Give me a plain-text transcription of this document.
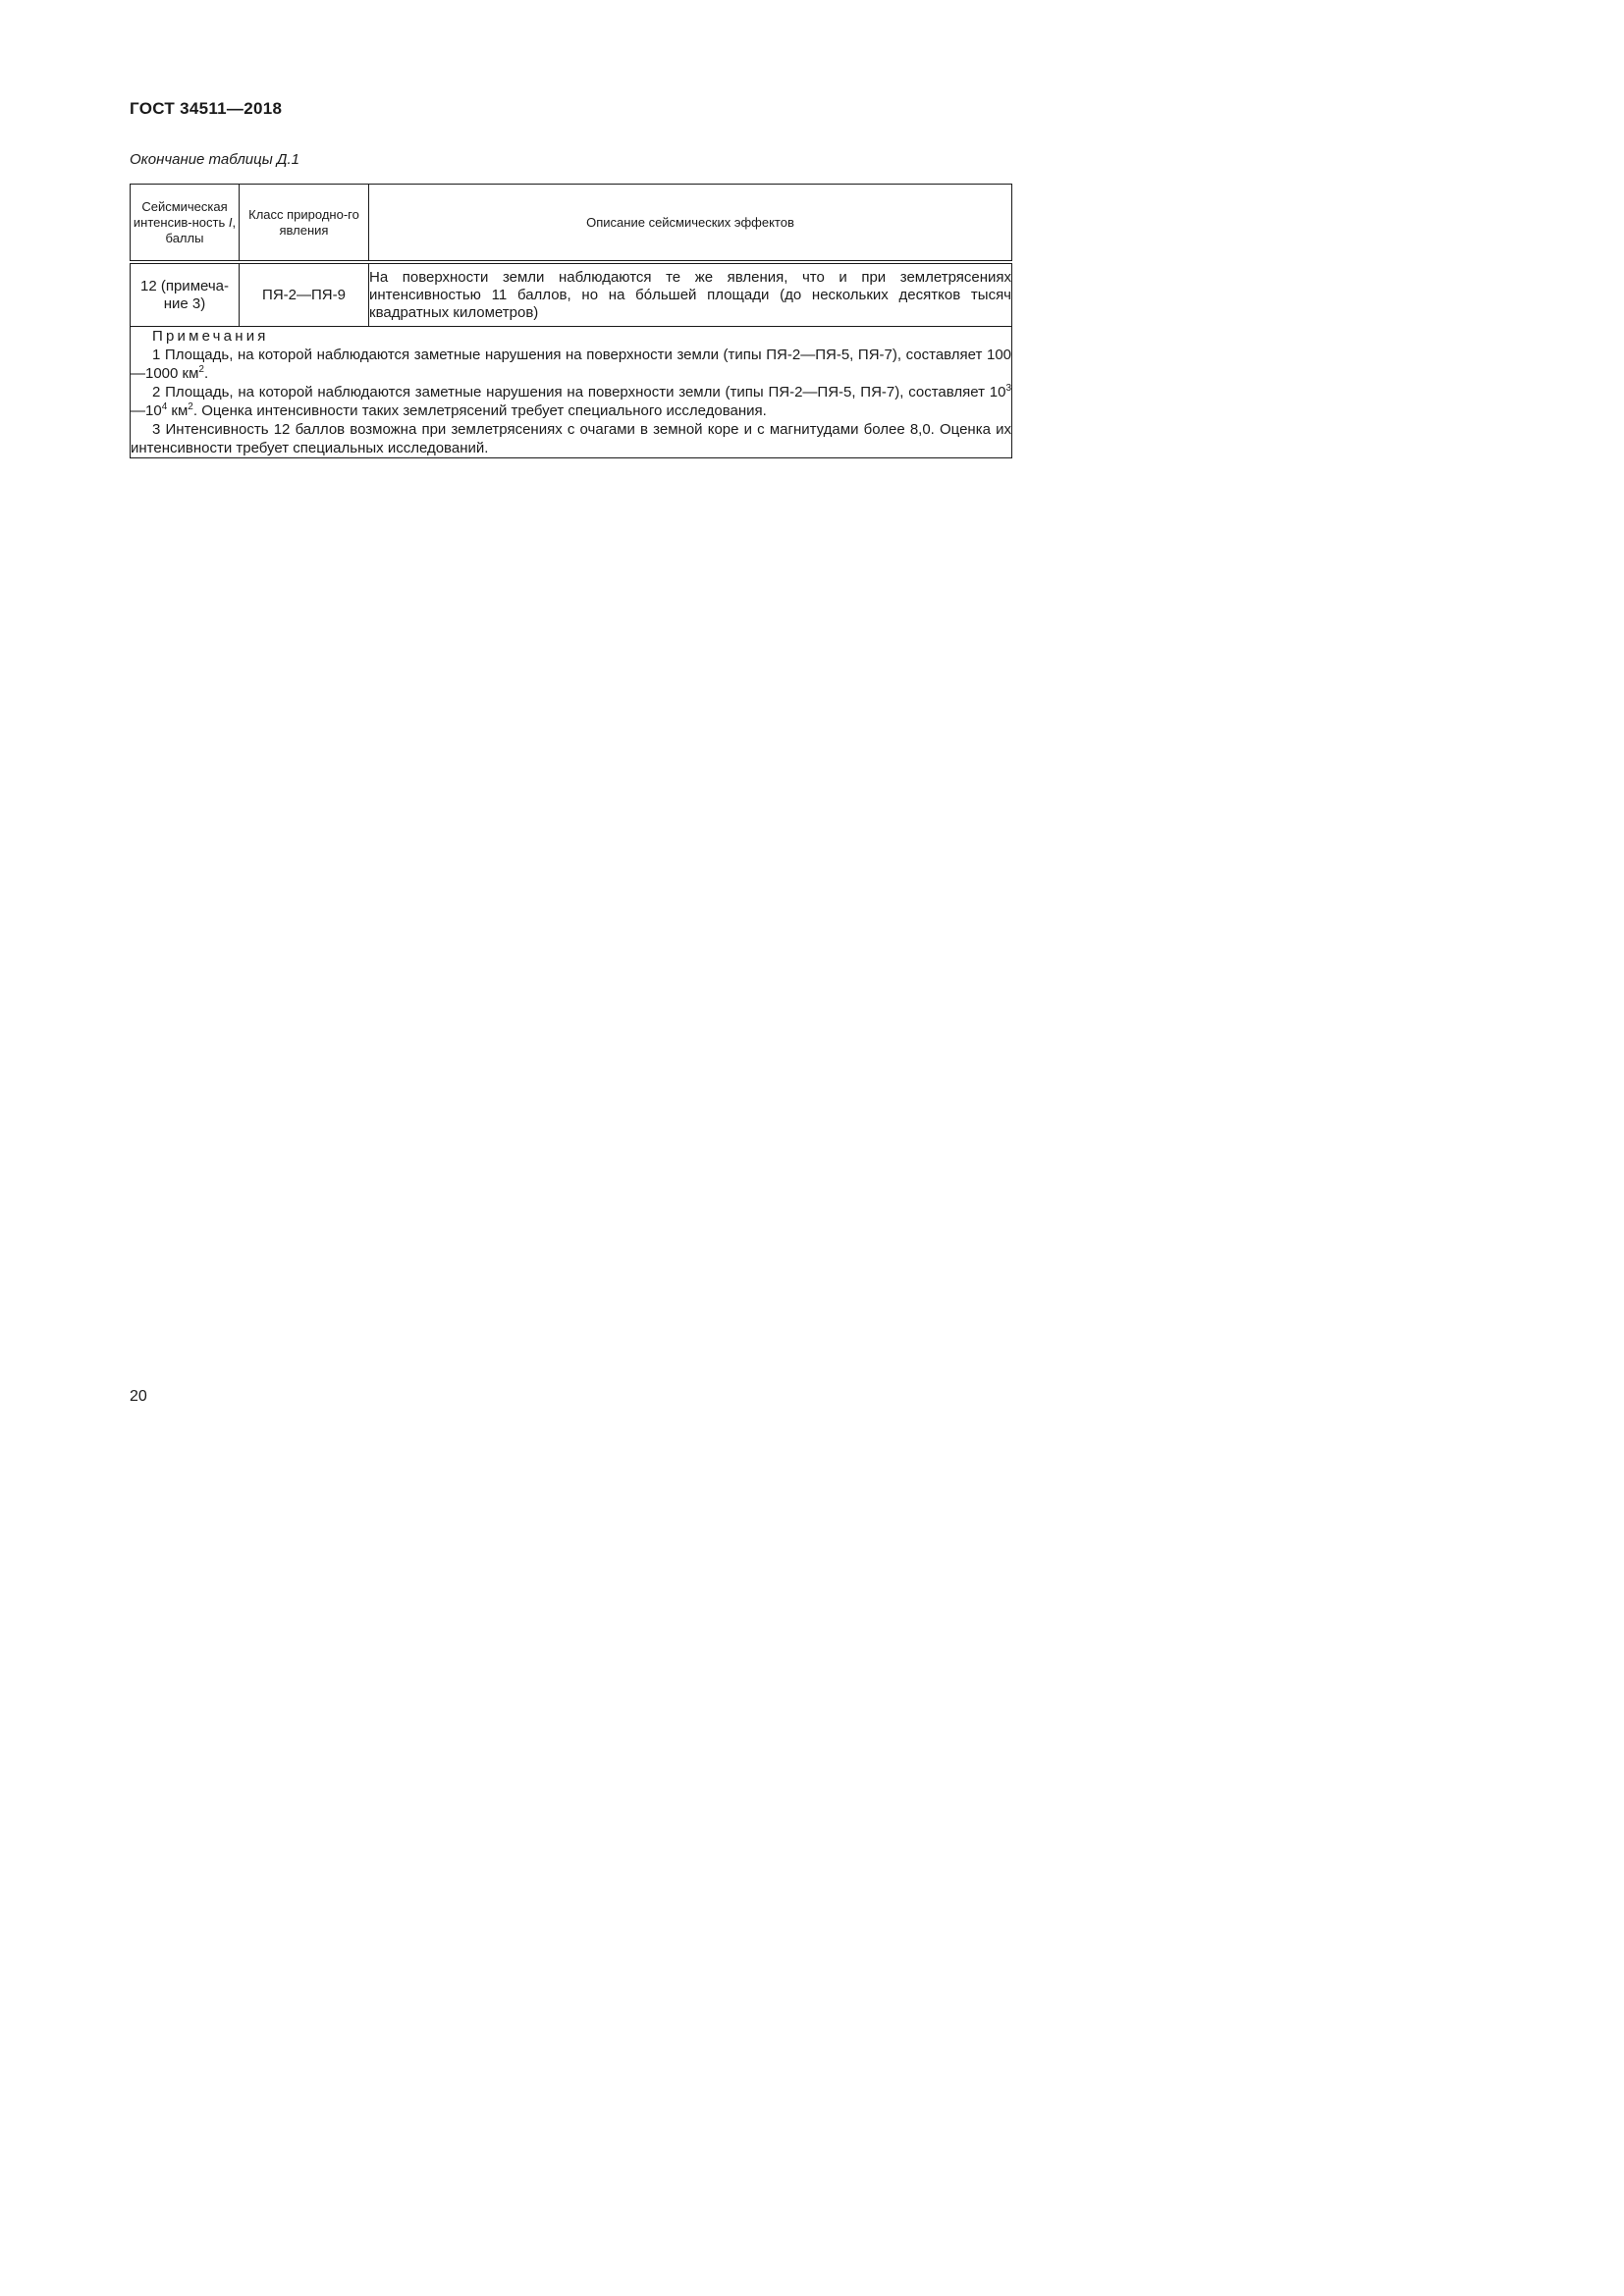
ГОСТ 34511—2018
Окончание таблицы Д.1
Сейсмическая интенсив-ность I, баллы	Класс природно-го явления	Описание сейсмических эффектов
12 (примеча-ние 3)	ПЯ-2—ПЯ-9	На поверхности земли наблюдаются те же явления, что и при землетрясениях интенсивностью 11 баллов, но на бóльшей площади (до нескольких десятков тысяч квадратных километров)

Примечания
1 Площадь, на которой наблюдаются заметные нарушения на поверхности земли (типы ПЯ-2—ПЯ-5, ПЯ-7), составляет 100—1000 $км^2$.
2 Площадь, на которой наблюдаются заметные нарушения на поверхности земли (типы ПЯ-2—ПЯ-5, ПЯ-7), составляет $10^3—10^4$ $км^2$. Оценка интенсивности таких землетрясений требует специального исследования.
3 Интенсивность 12 баллов возможна при землетрясениях с очагами в земной коре и с магнитудами более 8,0. Оценка их интенсивности требует специальных исследований.		
20
